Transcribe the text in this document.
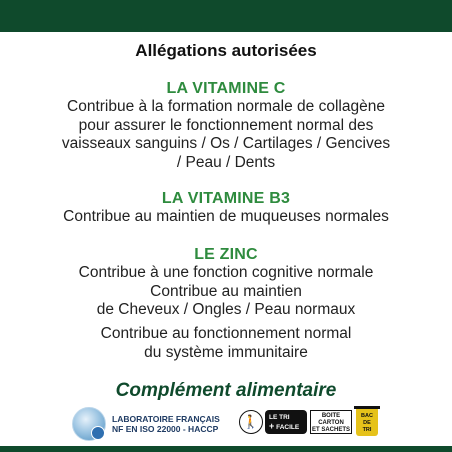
Allégations autorisées
LA VITAMINE C
Contribue à la formation normale de collagène
pour assurer le fonctionnement normal des
vaisseaux sanguins / Os / Cartilages / Gencives
/ Peau / Dents
LA VITAMINE B3
Contribue au maintien de muqueuses normales
LE ZINC
Contribue à une fonction cognitive normale
Contribue au maintien
de Cheveux / Ongles / Peau normaux
Contribue au fonctionnement normal
du système immunitaire
Complément alimentaire
LABORATOIRE FRANÇAIS
NF EN ISO 22000 - HACCP	🚶	LE TRI
+ FACILE
BOITE
CARTON
ET SACHETS
BAC
DE
TRI
